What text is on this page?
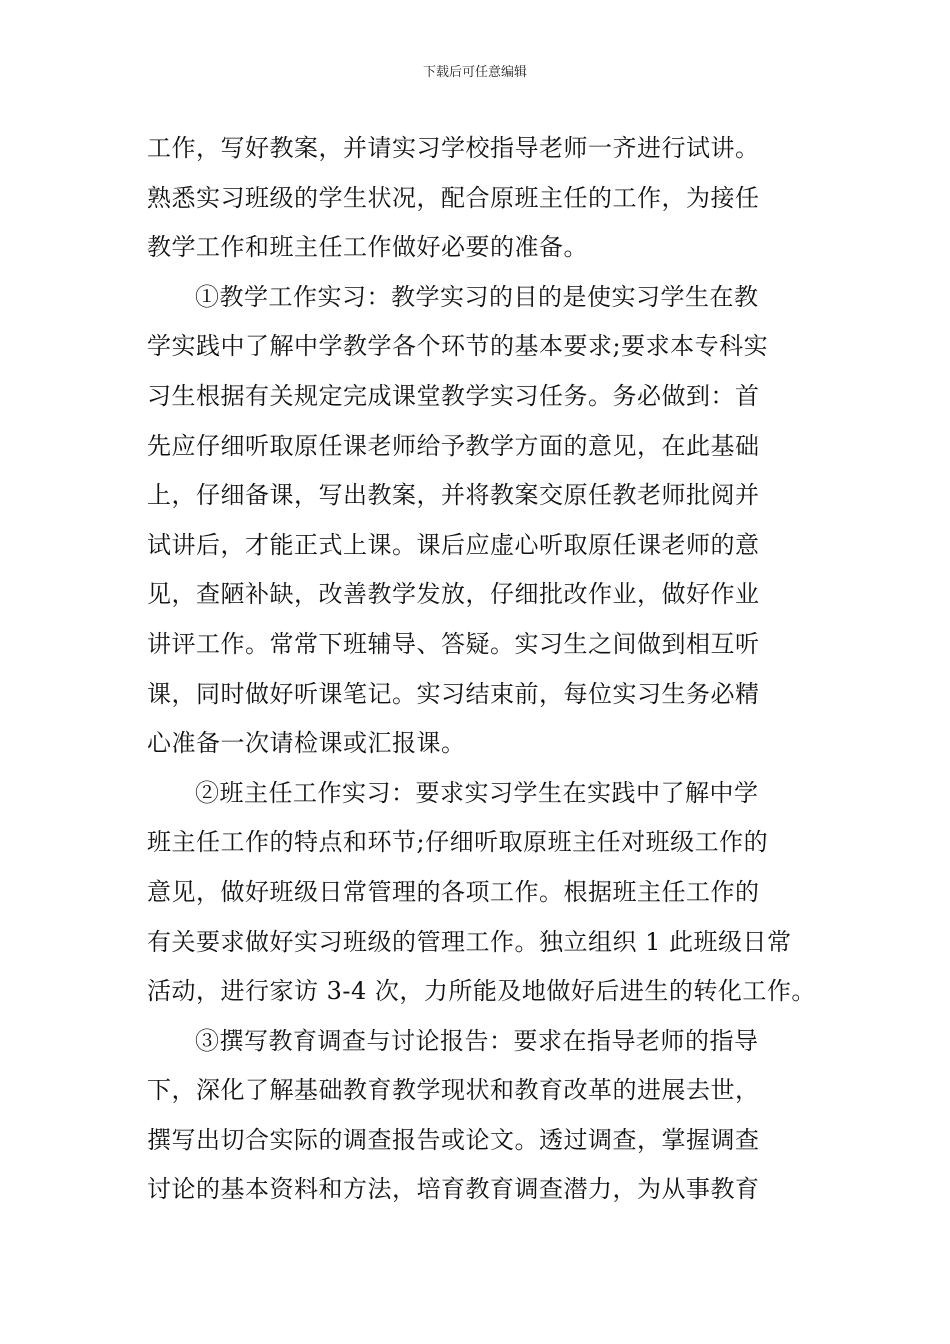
下载后可任意编辑
工作，写好教案，并请实习学校指导老师一齐进行试讲。
熟悉实习班级的学生状况，配合原班主任的工作，为接任
教学工作和班主任工作做好必要的准备。
①教学工作实习：教学实习的目的是使实习学生在教
学实践中了解中学教学各个环节的基本要求;要求本专科实
习生根据有关规定完成课堂教学实习任务。务必做到：首
先应仔细听取原任课老师给予教学方面的意见，在此基础
上，仔细备课，写出教案，并将教案交原任教老师批阅并
试讲后，才能正式上课。课后应虚心听取原任课老师的意
见，查陋补缺，改善教学发放，仔细批改作业，做好作业
讲评工作。常常下班辅导、答疑。实习生之间做到相互听
课，同时做好听课笔记。实习结束前，每位实习生务必精
心准备一次请检课或汇报课。
②班主任工作实习：要求实习学生在实践中了解中学
班主任工作的特点和环节;仔细听取原班主任对班级工作的
意见，做好班级日常管理的各项工作。根据班主任工作的
有关要求做好实习班级的管理工作。独立组织 1 此班级日常
活动，进行家访 3-4 次，力所能及地做好后进生的转化工作。
③撰写教育调查与讨论报告：要求在指导老师的指导
下，深化了解基础教育教学现状和教育改革的进展去世，
撰写出切合实际的调查报告或论文。透过调查，掌握调查
讨论的基本资料和方法，培育教育调查潜力，为从事教育
